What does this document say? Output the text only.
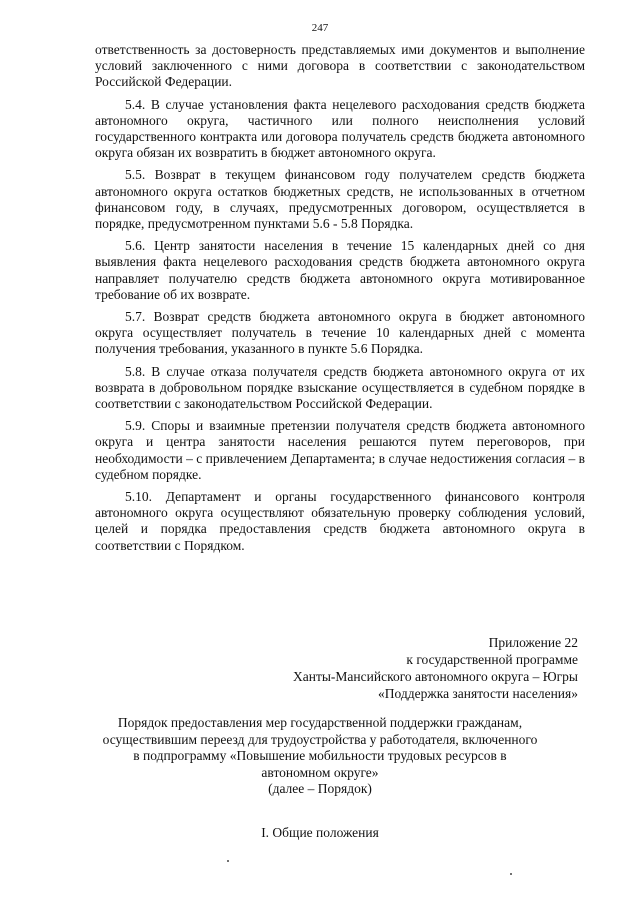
247

ответственность за достоверность представляемых ими документов и выполнение условий заключенного с ними договора в соответствии с законодательством Российской Федерации.

5.4. В случае установления факта нецелевого расходования средств бюджета автономного округа, частичного или полного неисполнения условий государственного контракта или договора получатель средств бюджета автономного округа обязан их возвратить в бюджет автономного округа.

5.5. Возврат в текущем финансовом году получателем средств бюджета автономного округа остатков бюджетных средств, не использованных в отчетном финансовом году, в случаях, предусмотренных договором, осуществляется в порядке, предусмотренном пунктами 5.6 - 5.8 Порядка.

5.6. Центр занятости населения в течение 15 календарных дней со дня выявления факта нецелевого расходования средств бюджета автономного округа направляет получателю средств бюджета автономного округа мотивированное требование об их возврате.

5.7. Возврат средств бюджета автономного округа в бюджет автономного округа осуществляет получатель в течение 10 календарных дней с момента получения требования, указанного в пункте 5.6 Порядка.

5.8. В случае отказа получателя средств бюджета автономного округа от их возврата в добровольном порядке взыскание осуществляется в судебном порядке в соответствии с законодательством Российской Федерации.

5.9. Споры и взаимные претензии получателя средств бюджета автономного округа и центра занятости населения решаются путем переговоров, при необходимости – с привлечением Департамента; в случае недостижения согласия – в судебном порядке.

5.10. Департамент и органы государственного финансового контроля автономного округа осуществляют обязательную проверку соблюдения условий, целей и порядка предоставления средств бюджета автономного округа в соответствии с Порядком.

Приложение 22
к государственной программе
Ханты-Мансийского автономного округа – Югры
«Поддержка занятости населения»
Порядок предоставления мер государственной поддержки гражданам,
осуществившим переезд для трудоустройства у работодателя, включенного
в подпрограмму «Повышение мобильности трудовых ресурсов в
автономном округе»
(далее – Порядок)
I. Общие положения
